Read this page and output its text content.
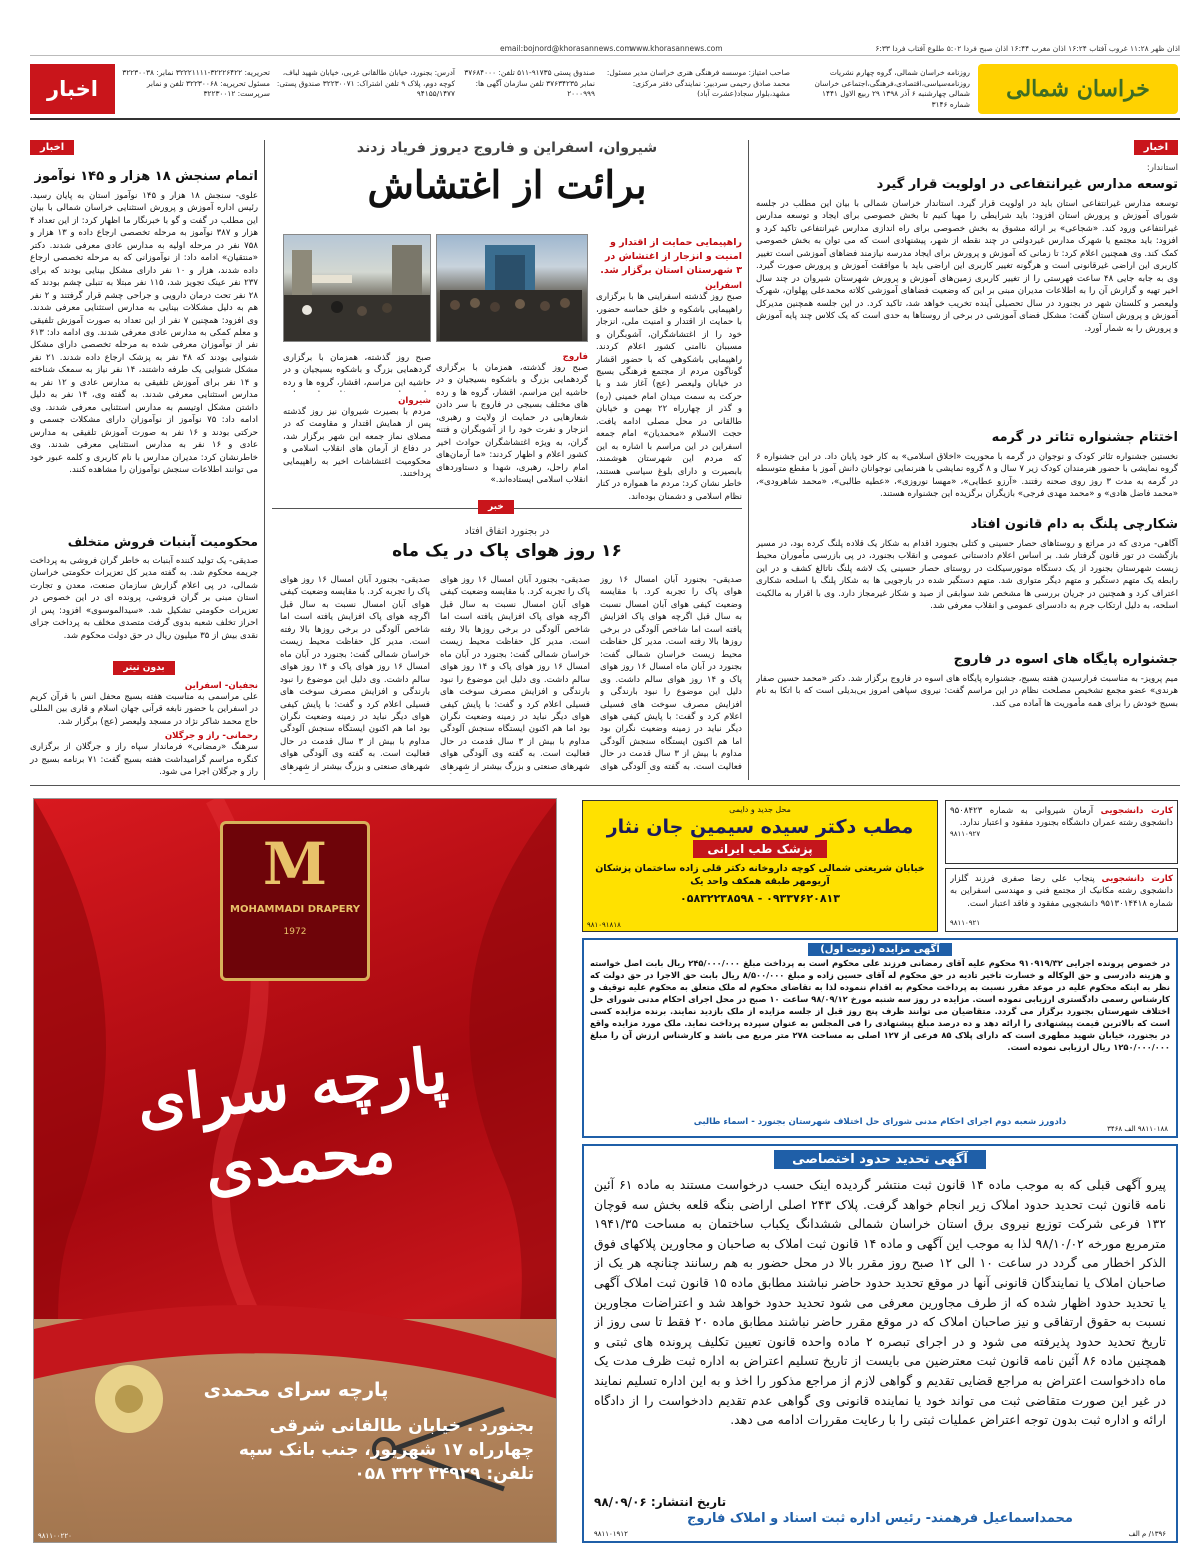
اذان ظهر ۱۱:۲۸ غروب آفتاب ۱۶:۲۴ اذان مغرب ۱۶:۴۴ اذان صبح فردا ۵:۰۲ طلوع آفتاب فردا ۶:۳۳
www.khorasannews.com
email:bojnord@khorasannews.com
خراسان شمالی
اخبار
روزنامه خراسان شمالی، گروه چهارم نشریات روزنامه‌سیاسی،اقتصادی،فرهنگی،اجتماعی خراسان شمالی چهارشنبه ۶ آذر ۱۳۹۸ ۲۹ ربیع الاول ۱۴۴۱ شماره ۳۱۴۶
صاحب امتیاز: موسسه فرهنگی هنری خراسان مدیر مسئول: محمد صادق رحیمی سردبیر: نمایندگی دفتر مرکزی: مشهد،بلوار سجاد(عشرت آباد)
صندوق پستی ۹۱۷۳۵-۵۱۱ تلفن: ۳۷۶۸۴۰۰۰ نمابر ۳۷۶۳۴۲۳۵ تلفن سازمان آگهی ها: ۲۰۰۰۹۹۹
آدرس: بجنورد، خیابان طالقانی غربی، خیابان شهید لباف، کوچه دوم، پلاک ۹ تلفن اشتراک: ۳۲۲۳۰۰۷۱ صندوق پستی: ۹۴۱۵۵/۱۴۷۷
تحریریه: ۳۲۲۲۶۴۲۲-۳۲۲۲۱۱۱۱ نمابر: ۳۲۲۳۰۰۳۸ مسئول تحریریه: ۳۲۲۳۰۰۶۸ تلفن و نمابر سرپرست: ۳۲۲۳۰۰۱۲
اخبار
اتمام سنجش ۱۸ هزار و ۱۴۵ نوآموز
علوی- سنجش ۱۸ هزار و ۱۴۵ نوآموز استان به پایان رسید. رئیس اداره آموزش و پرورش استثنایی خراسان شمالی با بیان این مطلب در گفت و گو با خبرنگار ما اظهار کرد: از این تعداد ۴ هزار و ۳۸۷ نوآموز به مرحله تخصصی ارجاع داده و ۱۳ هزار و ۷۵۸ نفر در مرحله اولیه به مدارس عادی معرفی شدند. دکتر «منتقیان» ادامه داد: از نوآموزانی که به مرحله تخصصی ارجاع داده شدند، هزار و ۱۰ نفر دارای مشکل بینایی بودند که برای ۲۳۷ نفر عینک تجویز شد، ۱۱۵ نفر مبتلا به تنبلی چشم بودند که ۲۸ نفر تحت درمان دارویی و جراحی چشم قرار گرفتند و ۲ نفر هم به دلیل مشکلات بینایی به مدارس استثنایی معرفی شدند. وی افزود: همچنین ۷ نفر از این تعداد به صورت آموزش تلفیقی و معلم کمکی به مدارس عادی معرفی شدند. وی ادامه داد: ۶۱۳ نفر از نوآموزان معرفی شده به مرحله تخصصی دارای مشکل شنوایی بودند که ۴۸ نفر به پزشک ارجاع داده شدند. ۲۱ نفر مشکل شنوایی یک طرفه داشتند، ۱۴ نفر نیاز به سمعک شناخته و ۱۴ نفر برای آموزش تلفیقی به مدارس عادی و ۱۲ نفر به مدارس استثنایی معرفی شدند. به گفته وی، ۱۴ نفر به دلیل داشتن مشکل اوتیسم به مدارس استثنایی معرفی شدند. وی ادامه داد: ۷۵ نوآموز از نوآموزان دارای مشکلات جسمی و حرکتی بودند و ۱۶ نفر به صورت آموزش تلفیقی به مدارس عادی و ۱۶ نفر به مدارس استثنایی معرفی شدند. وی خاطرنشان کرد: مدیران مدارس با نام کاربری و کلمه عبور خود می توانند اطلاعات سنجش نوآموزان را مشاهده کنند.
محکومیت آبنبات فروش متخلف
صدیقی- یک تولید کننده آبنبات به خاطر گران فروشی به پرداخت جریمه محکوم شد. به گفته مدیر کل تعزیرات حکومتی خراسان شمالی، در پی اعلام گزارش سازمان صنعت، معدن و تجارت استان مبنی بر گران فروشی، پرونده ای در این خصوص در تعزیرات حکومتی تشکیل شد. «سیدالموسوی» افزود: پس از احراز تخلف شعبه بدوی گرفت متصدی مخلف به پرداخت جزای نقدی بیش از ۳۵ میلیون ریال در حق دولت محکوم شد.
بدون تیتر
نجفیان- اسفراین
علی مراسمی به مناسبت هفته بسیج محفل انس با قرآن کریم در اسفراین با حضور نابغه قرآنی جهان اسلام و قاری بین المللی حاج محمد شاکر نژاد در مسجد ولیعصر (عج) برگزار شد.
رحمانی- راز و جرگلان
سرهنگ «رمضانی» فرماندار سپاه راز و جرگلان از برگزاری کنگره مراسم گرامیداشت هفته بسیج گفت: ۷۱ برنامه بسیج در راز و جرگلان اجرا می شود.
شیروان، اسفراین و فاروج دیروز فریاد زدند
برائت از اغتشاش
راهپیمایی حمایت از اقتدار و امنیت و انزجار از اغتشاش در ۳ شهرستان استان برگزار شد.
اسفراین
صبح روز گذشته اسفراینی ها با برگزاری راهپیمایی باشکوه و خلق حماسه حضور، با حمایت از اقتدار و امنیت ملی، انزجار خود را از اغتشاشگران، آشوبگران و مسببان ناامنی کشور اعلام کردند. راهپیمایی باشکوهی که با حضور اقشار گوناگون مردم از مجتمع فرهنگی بسیج در خیابان ولیعصر (عج) آغاز شد و با حرکت به سمت میدان امام خمینی (ره) و گذر از چهارراه ۲۲ بهمن و خیابان طالقانی در محل مصلی ادامه یافت. حجت الاسلام «محمدیان» امام جمعه اسفراین در این مراسم با اشاره به این که مردم این شهرستان هوشمند، بابصیرت و دارای بلوغ سیاسی هستند، خاطر نشان کرد: مردم ما همواره در کنار نظام اسلامی و دشمنان بوده‌اند.
فاروج
صبح روز گذشته، همزمان با برگزاری گردهمایی بزرگ و باشکوه بسیجیان و در حاشیه این مراسم، اقشار، گروه ها و رده های مختلف بسیجی در فاروج با سر دادن شعارهایی در حمایت از ولایت و رهبری، انزجار و نفرت خود را از آشوبگران و فتنه گران، به ویژه اغتشاشگران حوادث اخیر کشور اعلام و اظهار کردند: «ما آرمان‌های امام راحل، رهبری، شهدا و دستاوردهای انقلاب اسلامی ایستاده‌اند.»
صبح روز گذشته، همزمان با برگزاری گردهمایی بزرگ و باشکوه بسیجیان و در حاشیه این مراسم، اقشار، گروه ها و رده
شیروان
مردم با بصیرت شیروان نیز روز گذشته پس از همایش اقتدار و مقاومت که در مصلای نماز جمعه این شهر برگزار شد، در دفاع از آرمان های انقلاب اسلامی و محکومیت اغتشاشات اخیر به راهپیمایی پرداختند.
خبر
در بجنورد اتفاق افتاد
۱۶ روز هوای پاک در یک ماه
صدیقی- بجنورد آبان امسال ۱۶ روز هوای پاک را تجربه کرد. با مقایسه وضعیت کیفی هوای آبان امسال نسبت به سال قبل اگرچه هوای پاک افزایش یافته است اما شاخص آلودگی در برخی روزها بالا رفته است. مدیر کل حفاظت محیط زیست خراسان شمالی گفت: بجنورد در آبان ماه امسال ۱۶ روز هوای پاک و ۱۴ روز هوای سالم داشت. وی دلیل این موضوع را نبود بارندگی و افزایش مصرف سوخت های فسیلی اعلام کرد و گفت: با پایش کیفی هوای دیگر نباید در زمینه وضعیت نگران بود اما هم اکنون ایستگاه سنجش آلودگی مداوم با بیش از ۳ سال قدمت در حال فعالیت است. به گفته وی آلودگی هوای
صدیقی- بجنورد آبان امسال ۱۶ روز هوای پاک را تجربه کرد. با مقایسه وضعیت کیفی هوای آبان امسال نسبت به سال قبل اگرچه هوای پاک افزایش یافته است اما شاخص آلودگی در برخی روزها بالا رفته است. مدیر کل حفاظت محیط زیست خراسان شمالی گفت: بجنورد در آبان ماه امسال ۱۶ روز هوای پاک و ۱۴ روز هوای سالم داشت. وی دلیل این موضوع را نبود بارندگی و افزایش مصرف سوخت های فسیلی اعلام کرد و گفت: با پایش کیفی هوای دیگر نباید در زمینه وضعیت نگران بود اما هم اکنون ایستگاه سنجش آلودگی مداوم با بیش از ۳ سال قدمت در حال فعالیت است. به گفته وی آلودگی هوای شهرهای صنعتی و بزرگ بیشتر از شهرهای
صدیقی- بجنورد آبان امسال ۱۶ روز هوای پاک را تجربه کرد. با مقایسه وضعیت کیفی هوای آبان امسال نسبت به سال قبل اگرچه هوای پاک افزایش یافته است اما شاخص آلودگی در برخی روزها بالا رفته است. مدیر کل حفاظت محیط زیست خراسان شمالی گفت: بجنورد در آبان ماه امسال ۱۶ روز هوای پاک و ۱۴ روز هوای سالم داشت. وی دلیل این موضوع را نبود بارندگی و افزایش مصرف سوخت های فسیلی اعلام کرد و گفت: با پایش کیفی هوای دیگر نباید در زمینه وضعیت نگران بود اما هم اکنون ایستگاه سنجش آلودگی مداوم با بیش از ۳ سال قدمت در حال فعالیت است. به گفته وی آلودگی هوای شهرهای صنعتی و بزرگ بیشتر از شهرهای
اخبار
استاندار:
توسعه مدارس غیرانتفاعی در اولویت قرار گیرد
توسعه مدارس غیرانتفاعی استان باید در اولویت قرار گیرد. استاندار خراسان شمالی با بیان این مطلب در جلسه شورای آموزش و پرورش استان افزود: باید شرایطی را مهیا کنیم تا بخش خصوصی برای ایجاد و توسعه مدارس غیرانتفاعی ورود کند. «شجاعی» بر ارائه مشوق به بخش خصوصی برای راه اندازی مدارس غیرانتفاعی تاکید کرد و افزود: باید مجتمع یا شهرک مدارس غیردولتی در چند نقطه از شهر، پیشنهادی است که می توان به بخش خصوصی کمک کند. وی همچنین اعلام کرد: تا زمانی که آموزش و پرورش برای ایجاد مدرسه نیازمند فضاهای آموزشی است تغییر کاربری این اراضی غیرقانونی است و هرگونه تغییر کاربری این اراضی باید با موافقت آموزش و پرورش صورت گیرد. وی به جابه جایی ۴۸ ساعت فهرستی را از تغییر کاربری زمین‌های آموزش و پرورش شهرستان شیروان در چند سال اخیر تهیه و گزارش آن را به اطلاعات مدیران مبنی بر این که وضعیت فضاهای آموزشی کلاته محمدعلی پهلوان، شهرک ولیعصر و کلستان شهر در بجنورد در سال تحصیلی آینده تخریب خواهد شد، تاکید کرد. در این جلسه همچنین مدیرکل آموزش و پرورش استان گفت: مشکل فضای آموزشی در برخی از روستاها به حدی است که یک کلاس چند پایه آموزش و پرورش را به شمار آورد.
اختتام جشنواره تئاتر در گرمه
نخستین جشنواره تئاتر کودک و نوجوان در گرمه با محوریت «اخلاق اسلامی» به کار خود پایان داد. در این جشنواره ۶ گروه نمایشی با حضور هنرمندان کودک زیر ۷ سال و ۸ گروه نمایشی با هنرنمایی نوجوانان دانش آموز با مقطع متوسطه در گرمه به مدت ۳ روز روی صحنه رفتند. «آرزو عطایی»، «مهسا نوروزی»، «عطیه طالبی»، «محمد شاهرودی»، «محمد فاضل هادی» و «محمد مهدی فرجی» بازیگران برگزیده این جشنواره هستند.
شکارچی پلنگ به دام قانون افتاد
آگاهی- مردی که در مراتع و روستاهای حصار حسینی و کتلی بجنورد اقدام به شکار یک قلاده پلنگ کرده بود، در مسیر بازگشت در تور قانون گرفتار شد. بر اساس اعلام دادستانی عمومی و انقلاب بجنورد، در پی بازرسی مأموران محیط زیست شهرستان بجنورد از یک دستگاه موتورسیکلت در روستای حصار حسینی یک لاشه پلنگ ناتالغ کشف و در این رابطه یک متهم دستگیر و متهم دیگر متواری شد. متهم دستگیر شده در بازجویی ها به شکار پلنگ با اسلحه شکاری اعتراف کرد و همچنین در جریان بررسی ها مشخص شد سوابقی از صید و شکار غیرمجاز دارد. وی با اقرار به مالکیت اسلحه، به دلیل ارتکاب جرم به دادسرای عمومی و انقلاب معرفی شد.
جشنواره پایگاه های اسوه در فاروج
میم پرویز- به مناسبت فرارسیدن هفته بسیج، جشنواره پایگاه های اسوه در فاروج برگزار شد. دکتر «محمد حسین صفار هرندی» عضو مجمع تشخیص مصلحت نظام در این مراسم گفت: نیروی سپاهی امروز بی‌بدیلی است که با اتکا به نام بسیج خودش را برای همه مأموریت ها آماده می کند.
M
MOHAMMADI DRAPERY
1972
پارچه سرای محمدی
پارچه سرای محمدی
بجنورد . خیابان طالقانی شرقی
چهارراه ۱۷ شهریور، جنب بانک سپه
تلفن: ۳۴۹۲۹ ۳۲۲ ۰۵۸
۹۸۱۱۰۰۲۲۰
کارت دانشجویی آرمان شیروانی به شماره ۹۵۰۸۴۲۳ دانشجوی رشته عمران دانشگاه بجنورد مفقود و اعتبار ندارد.
۹۸۱۱۰۹۲۷
کارت دانشجویی پنجاب علی رضا صفری فرزند گلزار دانشجوی رشته مکانیک از مجتمع فنی و مهندسی اسفراین به شماره ۹۵۱۳۰۱۴۴۱۸ دانشجویی مفقود و فاقد اعتبار است.
۹۸۱۱۰۹۲۱
محل جدید و دایمی
مطب دکتر سیده سیمین جان نثار
پزشک طب ایرانی
خیابان شریعتی شمالی کوچه داروخانه دکتر قلی زاده ساختمان پزشکان آریومهر طبقه همکف واحد یک
۰۹۳۳۷۶۲۰۸۱۳ - ۰۵۸۳۲۲۳۸۵۹۸
۹۸۱۰۹۱۸۱۸
آگهی مزایده (نوبت اول)
در خصوص پرونده اجرایی ۹۱۰۹۱۹/۳۲ محکوم علیه آقای رمضانی فرزند علی محکوم است به پرداخت مبلغ ۲۴۵/۰۰۰/۰۰۰ ریال بابت اصل خواسته و هزینه دادرسی و حق الوکاله و خسارت تاخیر تادیه در حق محکوم له آقای حسین زاده و مبلغ ۸/۵۰۰/۰۰۰ ریال بابت حق الاجرا در حق دولت که نظر به اینکه محکوم علیه در موعد مقرر نسبت به پرداخت محکوم به اقدام ننموده لذا به تقاضای محکوم له ملک متعلق به محکوم علیه توقیف و کارشناس رسمی دادگستری ارزیابی نموده است. مزایده در روز سه شنبه مورخ ۹۸/۰۹/۱۲ ساعت ۱۰ صبح در محل اجرای احکام مدنی شورای حل اختلاف شهرستان بجنورد برگزار می گردد. متقاضیان می توانند ظرف پنج روز قبل از جلسه مزایده از ملک بازدید نمایند. برنده مزایده کسی است که بالاترین قیمت پیشنهادی را ارائه دهد و ده درصد مبلغ پیشنهادی را فی المجلس به عنوان سپرده پرداخت نماید. ملک مورد مزایده واقع در بجنورد، خیابان شهید مطهری است که دارای پلاک ۸۵ فرعی از ۱۲۷ اصلی به مساحت ۲۷۸ متر مربع می باشد و کارشناس ارزش آن را مبلغ ۱۲۵۰/۰۰۰/۰۰۰ ریال ارزیابی نموده است.
دادورز شعبه دوم اجرای احکام مدنی شورای حل اختلاف شهرستان بجنورد - اسماء طالبی
۹۸۱۱۰۱۸۸ الف ۳۴۶۸
آگهی تحدید حدود اختصاصی
پیرو آگهی قبلی که به موجب ماده ۱۴ قانون ثبت منتشر گردیده اینک حسب درخواست مستند به ماده ۶۱ آئین نامه قانون ثبت تحدید حدود املاک زیر انجام خواهد گرفت. پلاک ۲۴۳ اصلی اراضی بنگه قلعه بخش سه قوچان ۱۳۲ فرعی شرکت توزیع نیروی برق استان خراسان شمالی ششدانگ یکباب ساختمان به مساحت ۱۹۴۱/۳۵ مترمربع مورخه ۹۸/۱۰/۰۲ لذا به موجب این آگهی و ماده ۱۴ قانون ثبت املاک به صاحبان و مجاورین پلاکهای فوق الذکر اخطار می گردد در ساعت ۱۰ الی ۱۲ صبح روز مقرر بالا در محل حضور به هم رسانند چنانچه هر یک از صاحبان املاک یا نمایندگان قانونی آنها در موقع تحدید حدود حاضر نباشند مطابق ماده ۱۵ قانون ثبت املاک آگهی یا تحدید حدود اظهار شده که از طرف مجاورین معرفی می شود تحدید حدود خواهد شد و اعتراضات مجاورین نسبت به حقوق ارتفاقی و نیز صاحبان املاک که در موقع مقرر حاضر نباشند مطابق ماده ۲۰ فقط تا سی روز از تاریخ تحدید حدود پذیرفته می شود و در اجرای تبصره ۲ ماده واحده قانون تعیین تکلیف پرونده های ثبتی و همچنین ماده ۸۶ آئین نامه قانون ثبت معترضین می بایست از تاریخ تسلیم اعتراض به اداره ثبت ظرف مدت یک ماه دادخواست اعتراض به مراجع قضایی تقدیم و گواهی لازم از مراجع مذکور را اخذ و به این اداره تسلیم نمایند در غیر این صورت متقاضی ثبت می تواند خود یا نماینده قانونی وی گواهی عدم تقدیم دادخواست را از دادگاه ارائه و اداره ثبت بدون توجه اعتراض عملیات ثبتی را با رعایت مقررات ادامه می دهد.
تاریخ انتشار: ۹۸/۰۹/۰۶
محمداسماعیل فرهمند- رئیس اداره ثبت اسناد و املاک فاروج
۱۳۹۶/ م الف
۹۸۱۱۰۱۹۱۲
